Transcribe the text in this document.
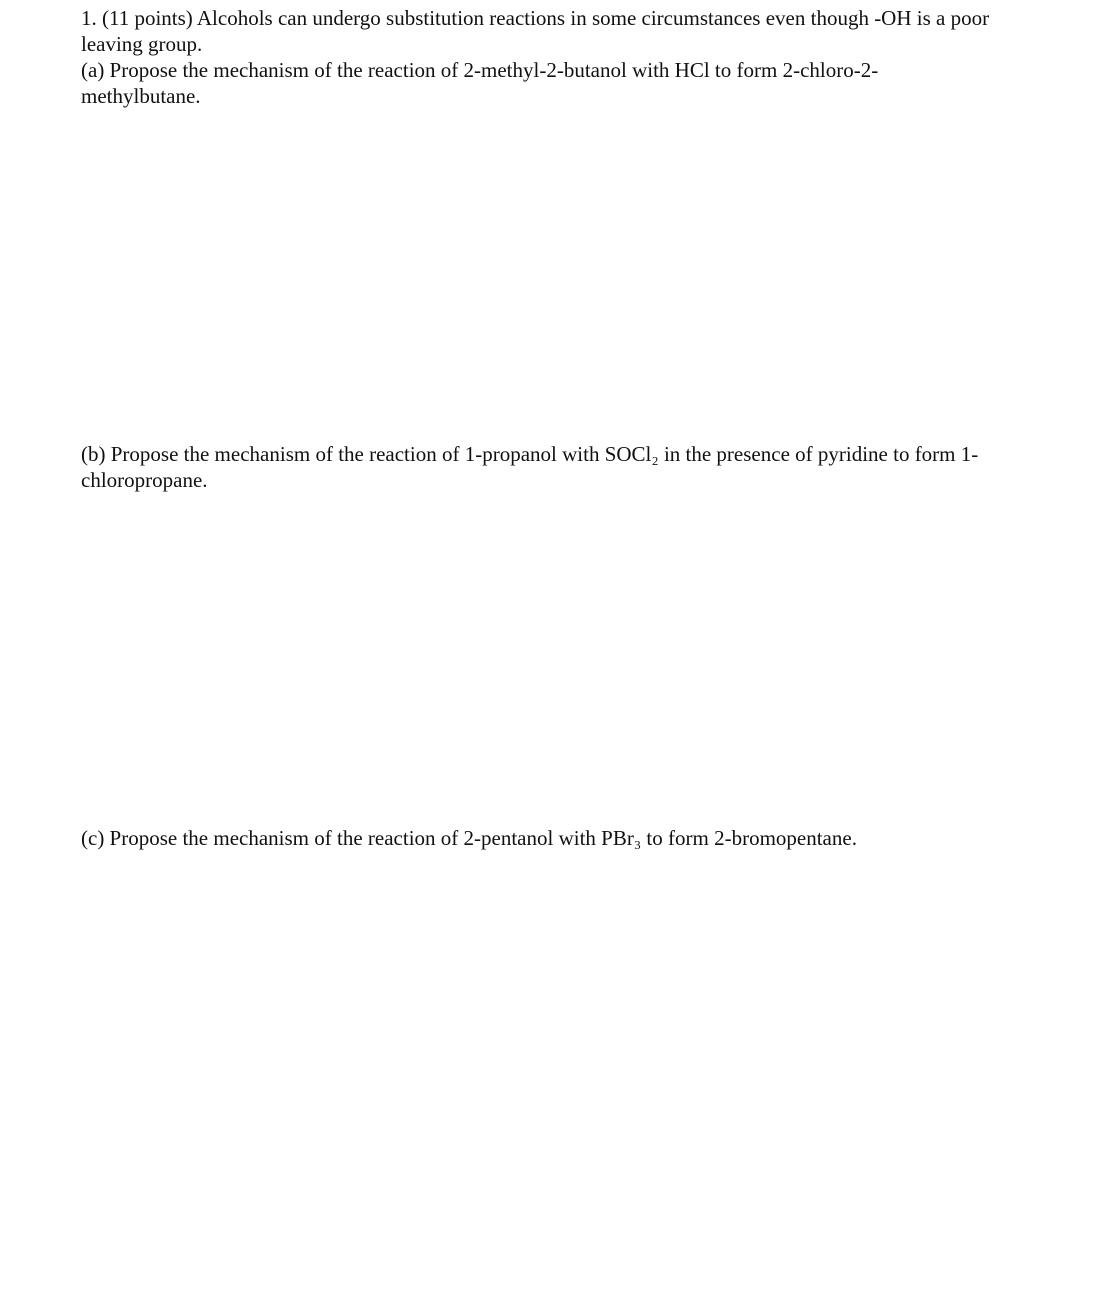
1. (11 points) Alcohols can undergo substitution reactions in some circumstances even though -OH is a poor leaving group.

(a) Propose the mechanism of the reaction of 2-methyl-2-butanol with HCl to form 2-chloro-2-methylbutane.

(b) Propose the mechanism of the reaction of 1-propanol with SOCl₂ in the presence of pyridine to form 1-chloropropane.

(c) Propose the mechanism of the reaction of 2-pentanol with PBr₃ to form 2-bromopentane.
